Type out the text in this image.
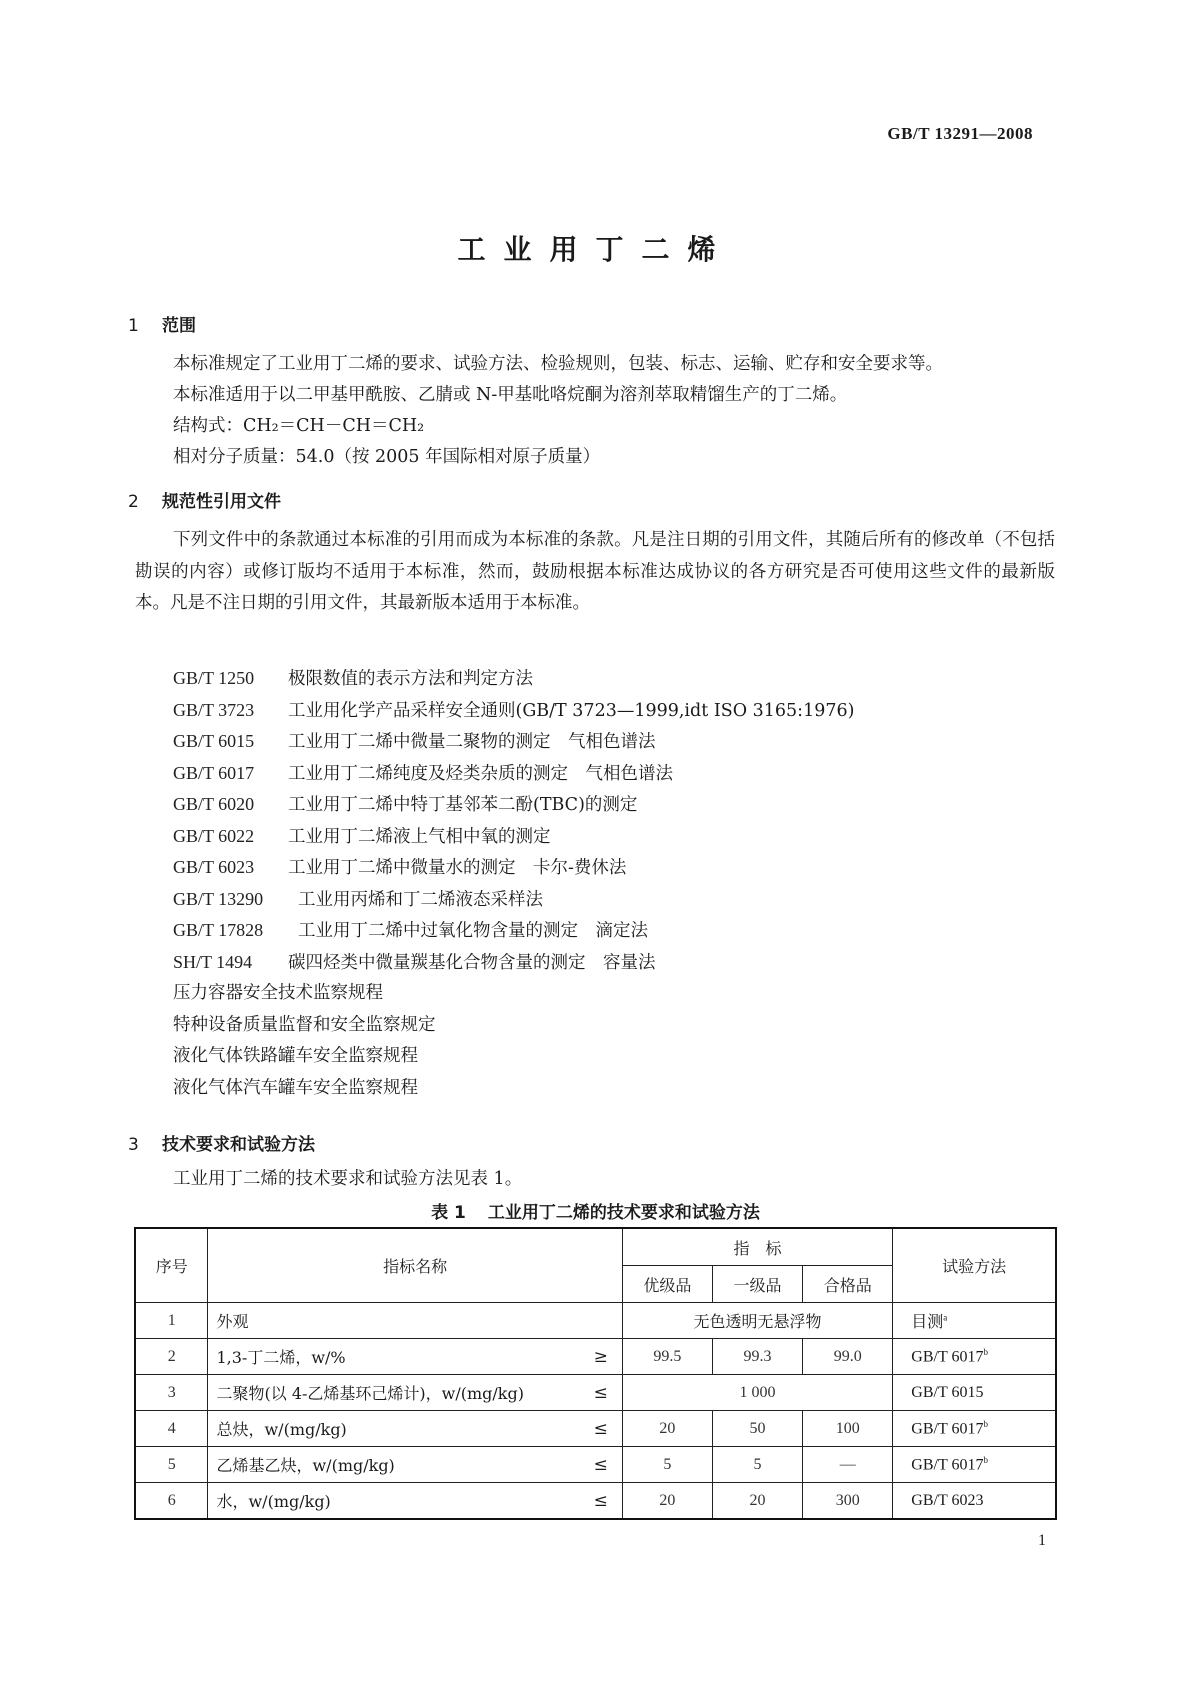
GB/T 13291—2008
工业用丁二烯
1 范围
本标准规定了工业用丁二烯的要求、试验方法、检验规则，包装、标志、运输、贮存和安全要求等。
本标准适用于以二甲基甲酰胺、乙腈或 N-甲基吡咯烷酮为溶剂萃取精馏生产的丁二烯。
结构式：CH₂＝CH－CH＝CH₂
相对分子质量：54.0（按 2005 年国际相对原子质量）
2 规范性引用文件
下列文件中的条款通过本标准的引用而成为本标准的条款。凡是注日期的引用文件，其随后所有的修改单（不包括勘误的内容）或修订版均不适用于本标准，然而，鼓励根据本标准达成协议的各方研究是否可使用这些文件的最新版本。凡是不注日期的引用文件，其最新版本适用于本标准。
GB/T 1250 极限数值的表示方法和判定方法
GB/T 3723 工业用化学产品采样安全通则(GB/T 3723—1999,idt ISO 3165:1976)
GB/T 6015 工业用丁二烯中微量二聚物的测定　气相色谱法
GB/T 6017 工业用丁二烯纯度及烃类杂质的测定　气相色谱法
GB/T 6020 工业用丁二烯中特丁基邻苯二酚(TBC)的测定
GB/T 6022 工业用丁二烯液上气相中氧的测定
GB/T 6023 工业用丁二烯中微量水的测定　卡尔-费休法
GB/T 13290 工业用丙烯和丁二烯液态采样法
GB/T 17828 工业用丁二烯中过氧化物含量的测定　滴定法
SH/T 1494 碳四烃类中微量羰基化合物含量的测定　容量法
压力容器安全技术监察规程
特种设备质量监督和安全监察规定
液化气体铁路罐车安全监察规程
液化气体汽车罐车安全监察规程
3 技术要求和试验方法
工业用丁二烯的技术要求和试验方法见表 1。
表 1 工业用丁二烯的技术要求和试验方法
序号	指标名称	指　标			试验方法
		优级品	一级品	合格品	
1	外观	无色透明无悬浮物			目测$^a$
2	1,3-丁二烯，w/% ≥	99.5	99.3	99.0	GB/T 6017$^b$
3	二聚物(以 4-乙烯基环己烯计)，w/(mg/kg) ≤	1 000			GB/T 6015
4	总炔，w/(mg/kg) ≤	20	50	100	GB/T 6017$^b$
5	乙烯基乙炔，w/(mg/kg) ≤	5	5	—	GB/T 6017$^b$
6	水，w/(mg/kg) ≤	20	20	300	GB/T 6023
1
